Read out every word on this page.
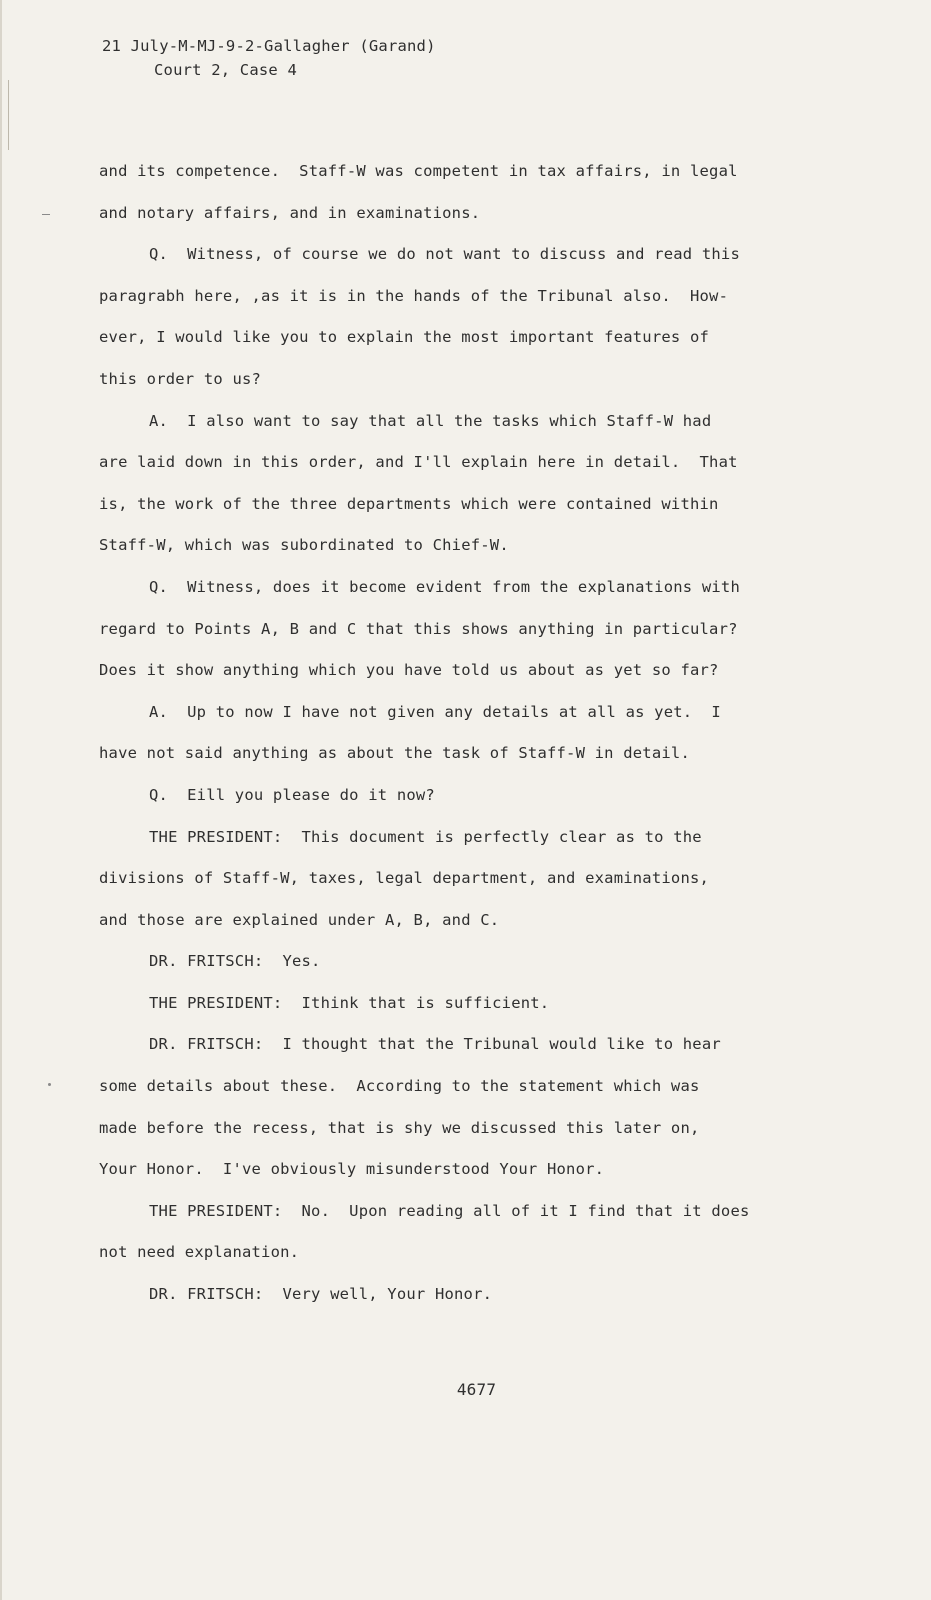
21 July-M-MJ-9-2-Gallagher (Garand)
Court 2, Case 4
and its competence.  Staff-W was competent in tax affairs, in legal
and notary affairs, and in examinations.
Q.  Witness, of course we do not want to discuss and read this
paragrabh here, ,as it is in the hands of the Tribunal also.  How-
ever, I would like you to explain the most important features of
this order to us?
A.  I also want to say that all the tasks which Staff-W had
are laid down in this order, and I'll explain here in detail.  That
is, the work of the three departments which were contained within
Staff-W, which was subordinated to Chief-W.
Q.  Witness, does it become evident from the explanations with
regard to Points A, B and C that this shows anything in particular?
Does it show anything which you have told us about as yet so far?
A.  Up to now I have not given any details at all as yet.  I
have not said anything as about the task of Staff-W in detail.
Q.  Eill you please do it now?
THE PRESIDENT:  This document is perfectly clear as to the
divisions of Staff-W, taxes, legal department, and examinations,
and those are explained under A, B, and C.
DR. FRITSCH:  Yes.
THE PRESIDENT:  Ithink that is sufficient.
DR. FRITSCH:  I thought that the Tribunal would like to hear
some details about these.  According to the statement which was
made before the recess, that is shy we discussed this later on,
Your Honor.  I've obviously misunderstood Your Honor.
THE PRESIDENT:  No.  Upon reading all of it I find that it does
not need explanation.
DR. FRITSCH:  Very well, Your Honor.
4677
